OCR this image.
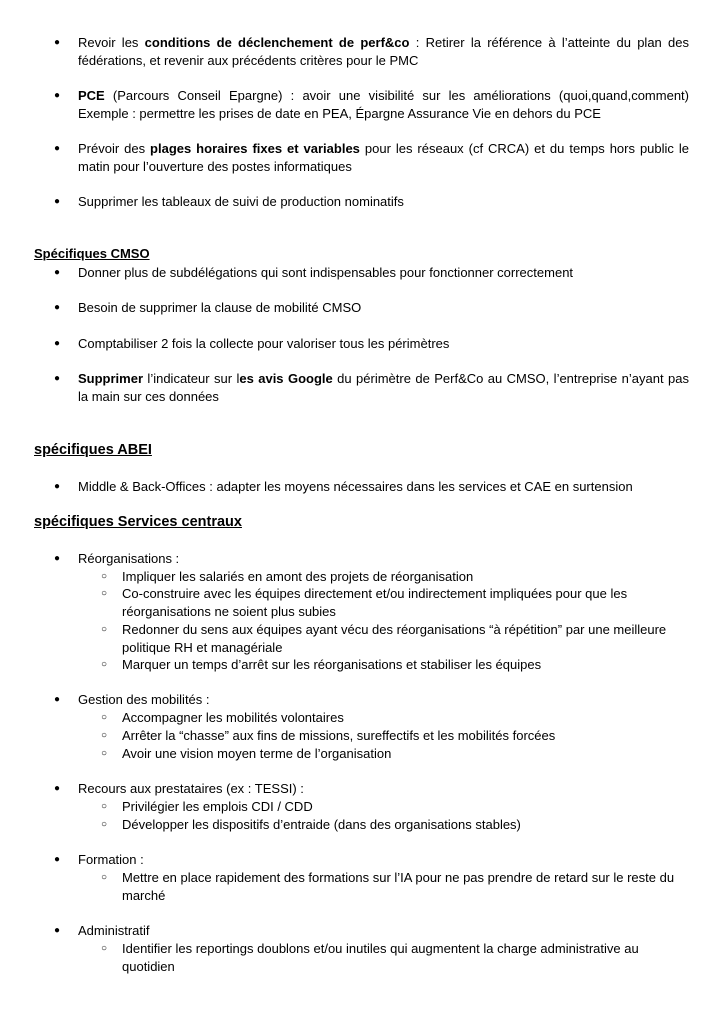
● Revoir les conditions de déclenchement de perf&co : Retirer la référence à l’atteinte du plan des fédérations, et revenir aux précédents critères pour le PMC

● PCE (Parcours Conseil Epargne) : avoir une visibilité sur les améliorations (quoi,quand,comment) Exemple : permettre les prises de date en PEA, Épargne Assurance Vie en dehors du PCE

● Prévoir des plages horaires fixes et variables pour les réseaux (cf CRCA) et du temps hors public le matin pour l’ouverture des postes informatiques

● Supprimer les tableaux de suivi de production nominatifs

Spécifiques CMSO
● Donner plus de subdélégations qui sont indispensables pour fonctionner correctement

● Besoin de supprimer la clause de mobilité CMSO

● Comptabiliser 2 fois la collecte pour valoriser tous les périmètres

● Supprimer l’indicateur sur les avis Google du périmètre de Perf&Co au CMSO, l’entreprise n’ayant pas la main sur ces données

spécifiques ABEI
● Middle & Back-Offices : adapter les moyens nécessaires dans les services et CAE en surtension

spécifiques Services centraux
● Réorganisations :

○ Impliquer les salariés en amont des projets de réorganisation

○ Co-construire avec les équipes directement et/ou indirectement impliquées pour que les réorganisations ne soient plus subies

○ Redonner du sens aux équipes ayant vécu des réorganisations “à répétition” par une meilleure politique RH et managériale

○ Marquer un temps d’arrêt sur les réorganisations et stabiliser les équipes

● Gestion des mobilités :

○ Accompagner les mobilités volontaires

○ Arrêter la “chasse” aux fins de missions, sureffectifs et les mobilités forcées

○ Avoir une vision moyen terme de l’organisation

● Recours aux prestataires (ex : TESSI) :

○ Privilégier les emplois CDI / CDD

○ Développer les dispositifs d’entraide (dans des organisations stables)

● Formation :

○ Mettre en place rapidement des formations sur l’IA pour ne pas prendre de retard sur le reste du marché

● Administratif

○ Identifier les reportings doublons et/ou inutiles qui augmentent la charge administrative au quotidien
